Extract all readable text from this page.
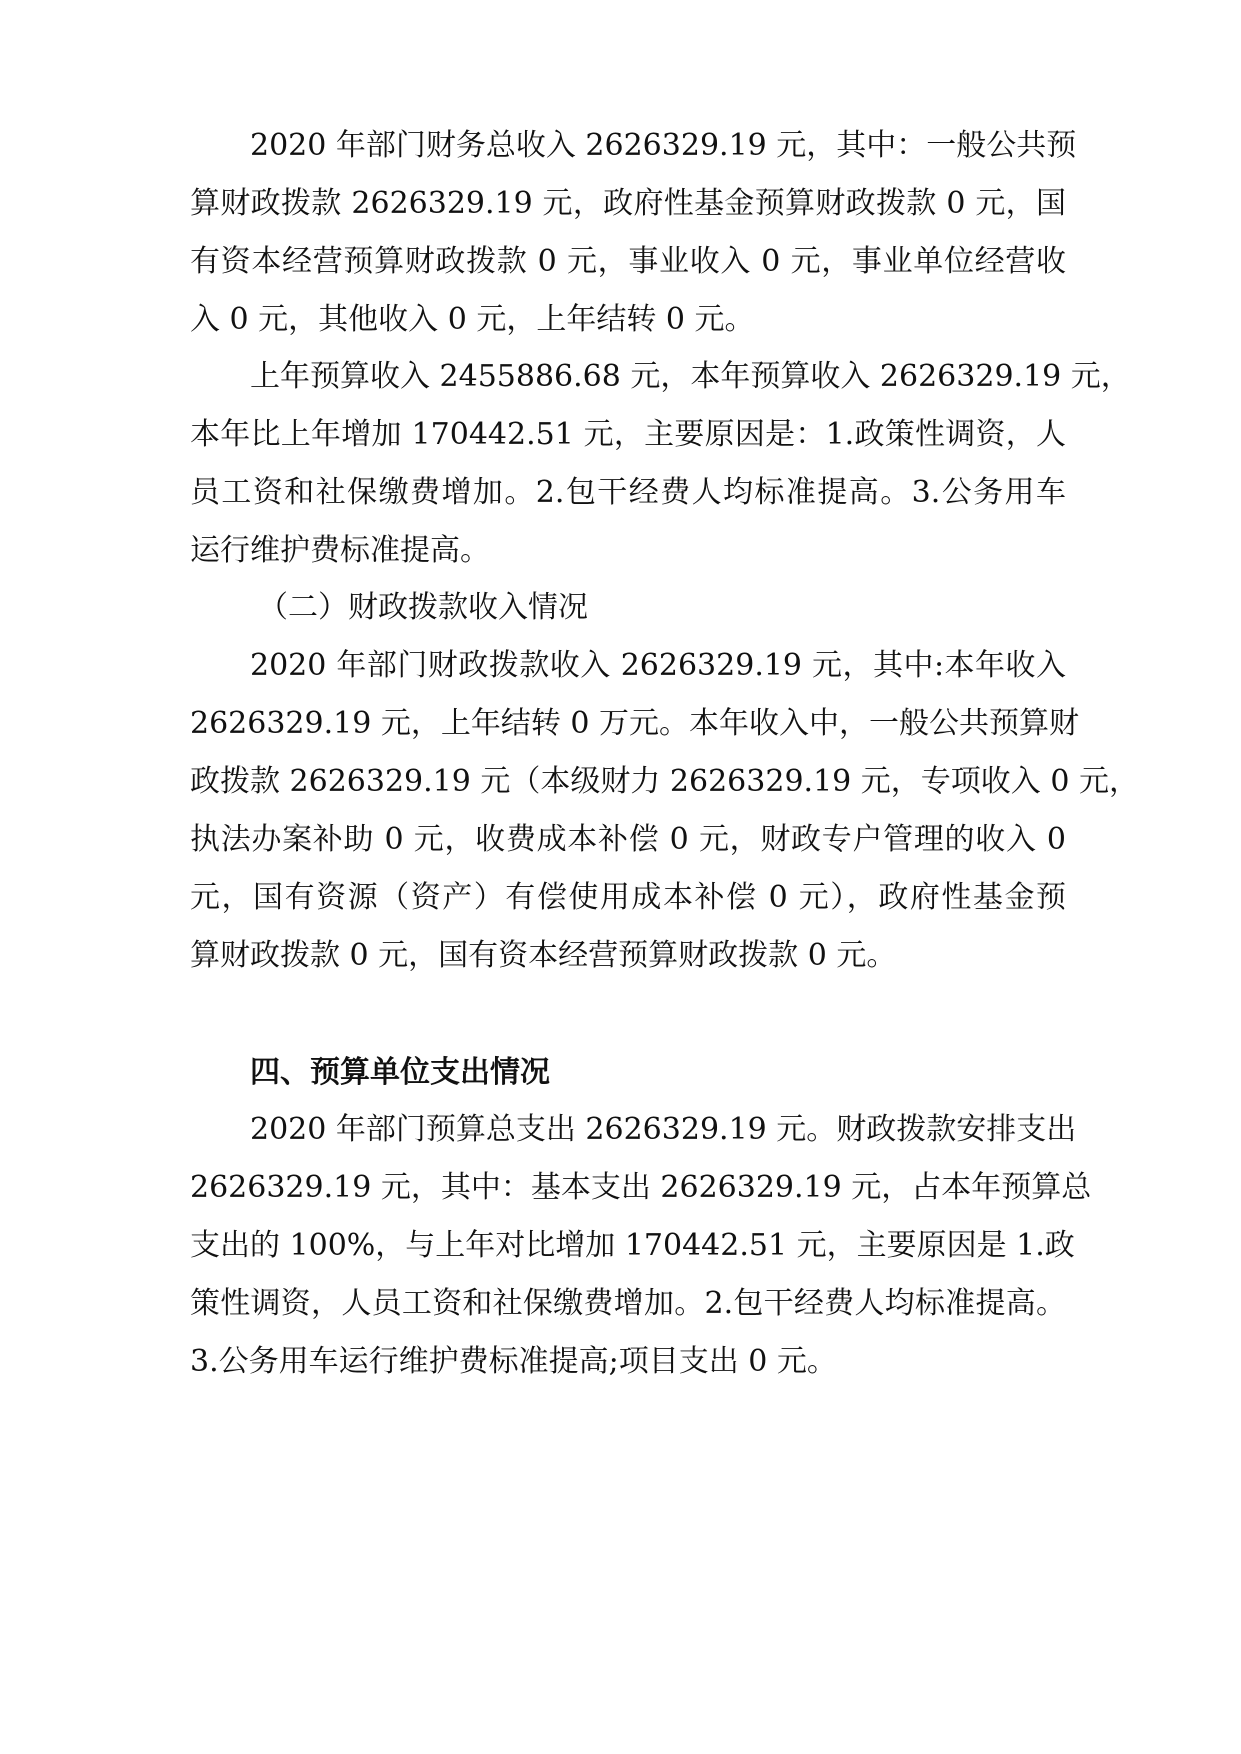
2020 年部门财务总收入 2626329.19 元，其中：一般公共预
算财政拨款 2626329.19 元，政府性基金预算财政拨款 0 元，国
有资本经营预算财政拨款 0 元，事业收入 0 元，事业单位经营收
入 0 元，其他收入 0 元，上年结转 0 元。
上年预算收入 2455886.68 元，本年预算收入 2626329.19 元，
本年比上年增加 170442.51 元，主要原因是：1.政策性调资，人
员工资和社保缴费增加。2.包干经费人均标准提高。3.公务用车
运行维护费标准提高。
（二）财政拨款收入情况
2020 年部门财政拨款收入 2626329.19 元，其中:本年收入
2626329.19 元，上年结转 0 万元。本年收入中，一般公共预算财
政拨款 2626329.19 元（本级财力 2626329.19 元，专项收入 0 元，
执法办案补助 0 元，收费成本补偿 0 元，财政专户管理的收入 0
元，国有资源（资产）有偿使用成本补偿 0 元），政府性基金预
算财政拨款 0 元，国有资本经营预算财政拨款 0 元。
四、预算单位支出情况
2020 年部门预算总支出 2626329.19 元。财政拨款安排支出
2626329.19 元，其中：基本支出 2626329.19 元，占本年预算总
支出的 100%，与上年对比增加 170442.51 元，主要原因是 1.政
策性调资，人员工资和社保缴费增加。2.包干经费人均标准提高。
3.公务用车运行维护费标准提高;项目支出 0 元。
